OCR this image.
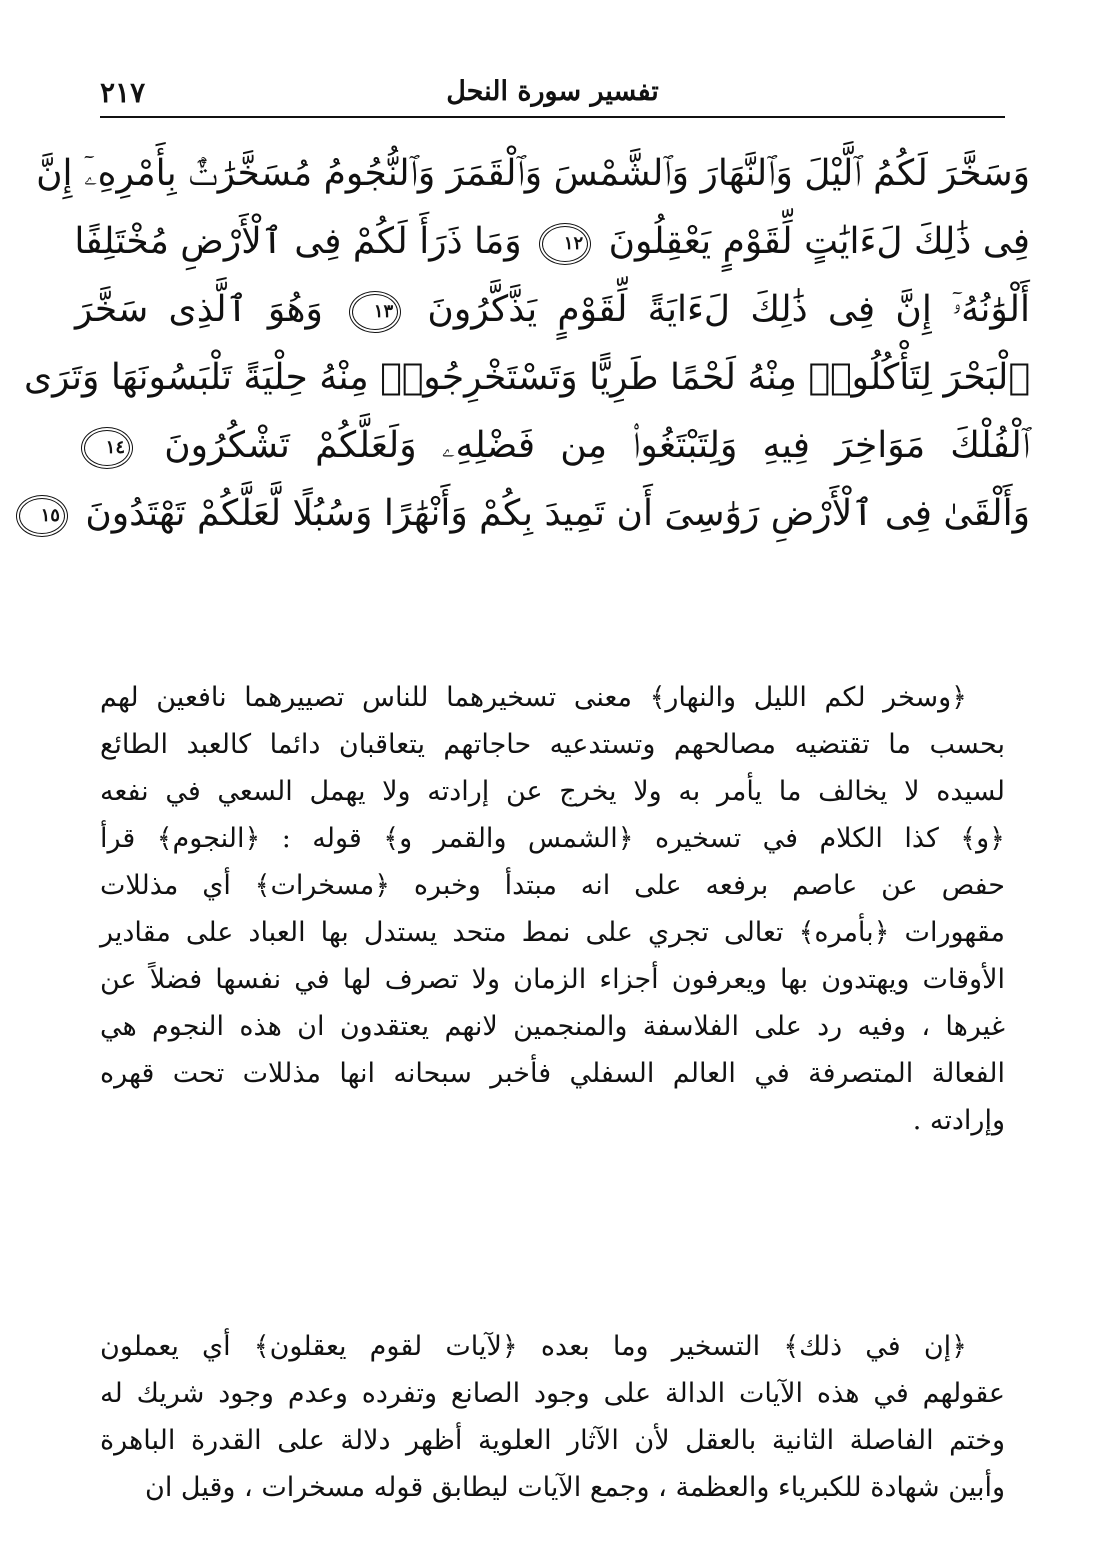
٢١٧	تفسير سورة النحل
وَسَخَّرَ لَكُمُ ٱلَّيْلَ وَٱلنَّهَارَ وَٱلشَّمْسَ وَٱلْقَمَرَ وَٱلنُّجُومُ مُسَخَّرَٰتٌۢ بِأَمْرِهِۦٓ إِنَّ
فِى ذَٰلِكَ لَءَايَٰتٍ لِّقَوْمٍ يَعْقِلُونَ ١٢ وَمَا ذَرَأَ لَكُمْ فِى ٱلْأَرْضِ مُخْتَلِفًا
أَلْوَٰنُهُۥٓ إِنَّ فِى ذَٰلِكَ لَءَايَةً لِّقَوْمٍ يَذَّكَّرُونَ ١٣ وَهُوَ ٱلَّذِى سَخَّرَ
ٱلْبَحْرَ لِتَأْكُلُوا۟ مِنْهُ لَحْمًا طَرِيًّا وَتَسْتَخْرِجُوا۟ مِنْهُ حِلْيَةً تَلْبَسُونَهَا وَتَرَى
ٱلْفُلْكَ مَوَاخِرَ فِيهِ وَلِتَبْتَغُوا۟ مِن فَضْلِهِۦ وَلَعَلَّكُمْ تَشْكُرُونَ ١٤
وَأَلْقَىٰ فِى ٱلْأَرْضِ رَوَٰسِىَ أَن تَمِيدَ بِكُمْ وَأَنْهَٰرًا وَسُبُلًا لَّعَلَّكُمْ تَهْتَدُونَ ١٥

﴿وسخر لكم الليل والنهار﴾ معنى تسخيرهما للناس تصييرهما نافعين لهم

بحسب ما تقتضيه مصالحهم وتستدعيه حاجاتهم يتعاقبان دائما كالعبد الطائع

لسيده لا يخالف ما يأمر به ولا يخرج عن إرادته ولا يهمل السعي في نفعه

﴿و﴾ كذا الكلام في تسخيره ﴿الشمس والقمر و﴾ قوله : ﴿النجوم﴾ قرأ

حفص عن عاصم برفعه على انه مبتدأ وخبره ﴿مسخرات﴾ أي مذللات

مقهورات ﴿بأمره﴾ تعالى تجري على نمط متحد يستدل بها العباد على مقادير

الأوقات ويهتدون بها ويعرفون أجزاء الزمان ولا تصرف لها في نفسها فضلاً عن

غيرها ، وفيه رد على الفلاسفة والمنجمين لانهم يعتقدون ان هذه النجوم هي

الفعالة المتصرفة في العالم السفلي فأخبر سبحانه انها مذللات تحت قهره

وإرادته .

﴿إن في ذلك﴾ التسخير وما بعده ﴿لآيات لقوم يعقلون﴾ أي يعملون

عقولهم في هذه الآيات الدالة على وجود الصانع وتفرده وعدم وجود شريك له

وختم الفاصلة الثانية بالعقل لأن الآثار العلوية أظهر دلالة على القدرة الباهرة

وأبين شهادة للكبرياء والعظمة ، وجمع الآيات ليطابق قوله مسخرات ، وقيل ان
